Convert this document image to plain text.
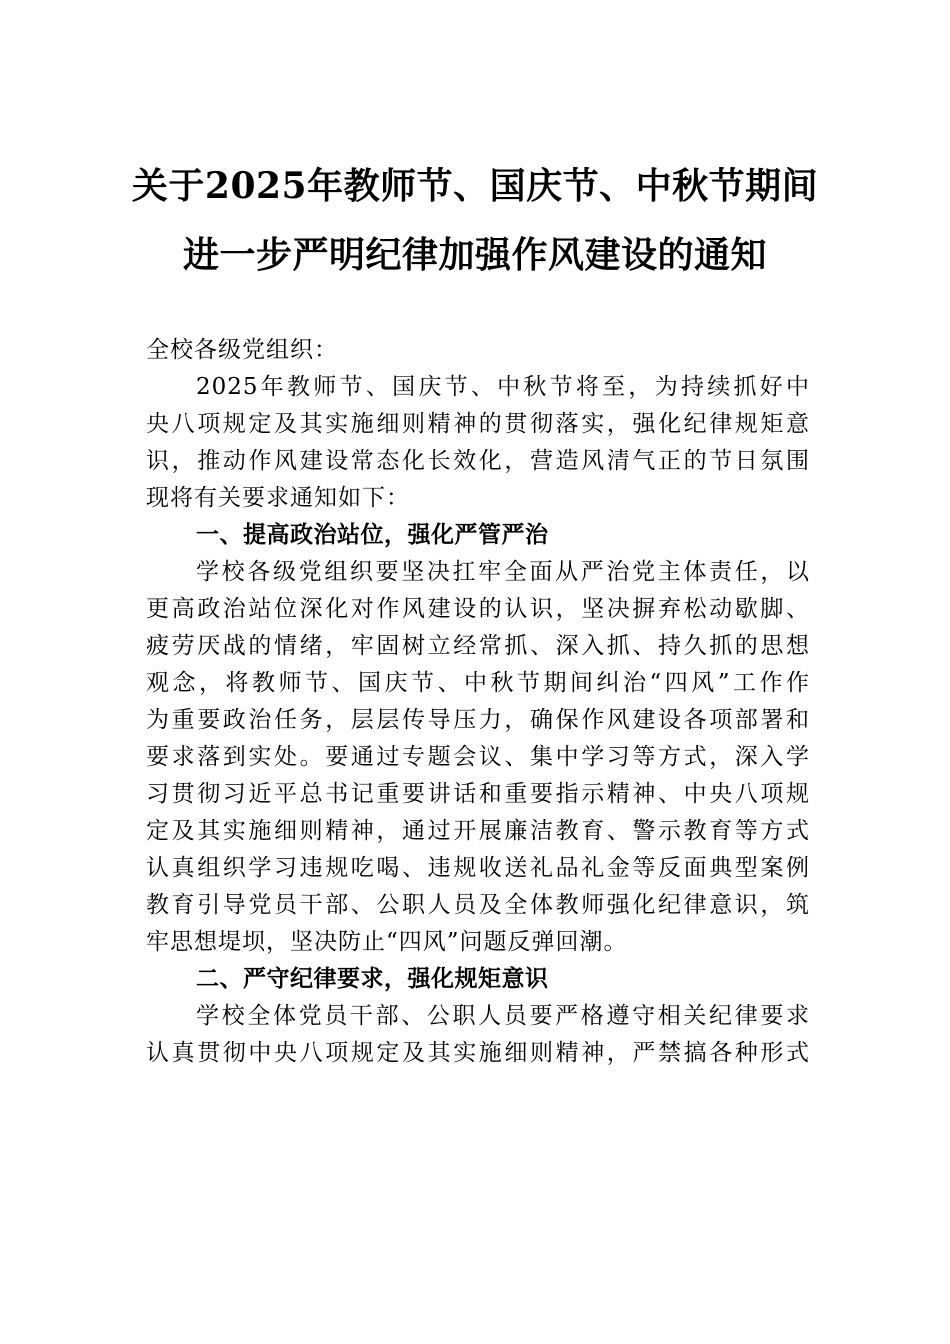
关于2025年教师节、国庆节、中秋节期间
进一步严明纪律加强作风建设的通知
全校各级党组织：
2025年教师节、国庆节、中秋节将至，为持续抓好中
央八项规定及其实施细则精神的贯彻落实，强化纪律规矩意
识，推动作风建设常态化长效化，营造风清气正的节日氛围
现将有关要求通知如下：
一、提高政治站位，强化严管严治
学校各级党组织要坚决扛牢全面从严治党主体责任，以
更高政治站位深化对作风建设的认识，坚决摒弃松动歇脚、
疲劳厌战的情绪，牢固树立经常抓、深入抓、持久抓的思想
观念，将教师节、国庆节、中秋节期间纠治“四风”工作作
为重要政治任务，层层传导压力，确保作风建设各项部署和
要求落到实处。要通过专题会议、集中学习等方式，深入学
习贯彻习近平总书记重要讲话和重要指示精神、中央八项规
定及其实施细则精神，通过开展廉洁教育、警示教育等方式
认真组织学习违规吃喝、违规收送礼品礼金等反面典型案例
教育引导党员干部、公职人员及全体教师强化纪律意识，筑
牢思想堤坝，坚决防止“四风”问题反弹回潮。
二、严守纪律要求，强化规矩意识
学校全体党员干部、公职人员要严格遵守相关纪律要求
认真贯彻中央八项规定及其实施细则精神，严禁搞各种形式
